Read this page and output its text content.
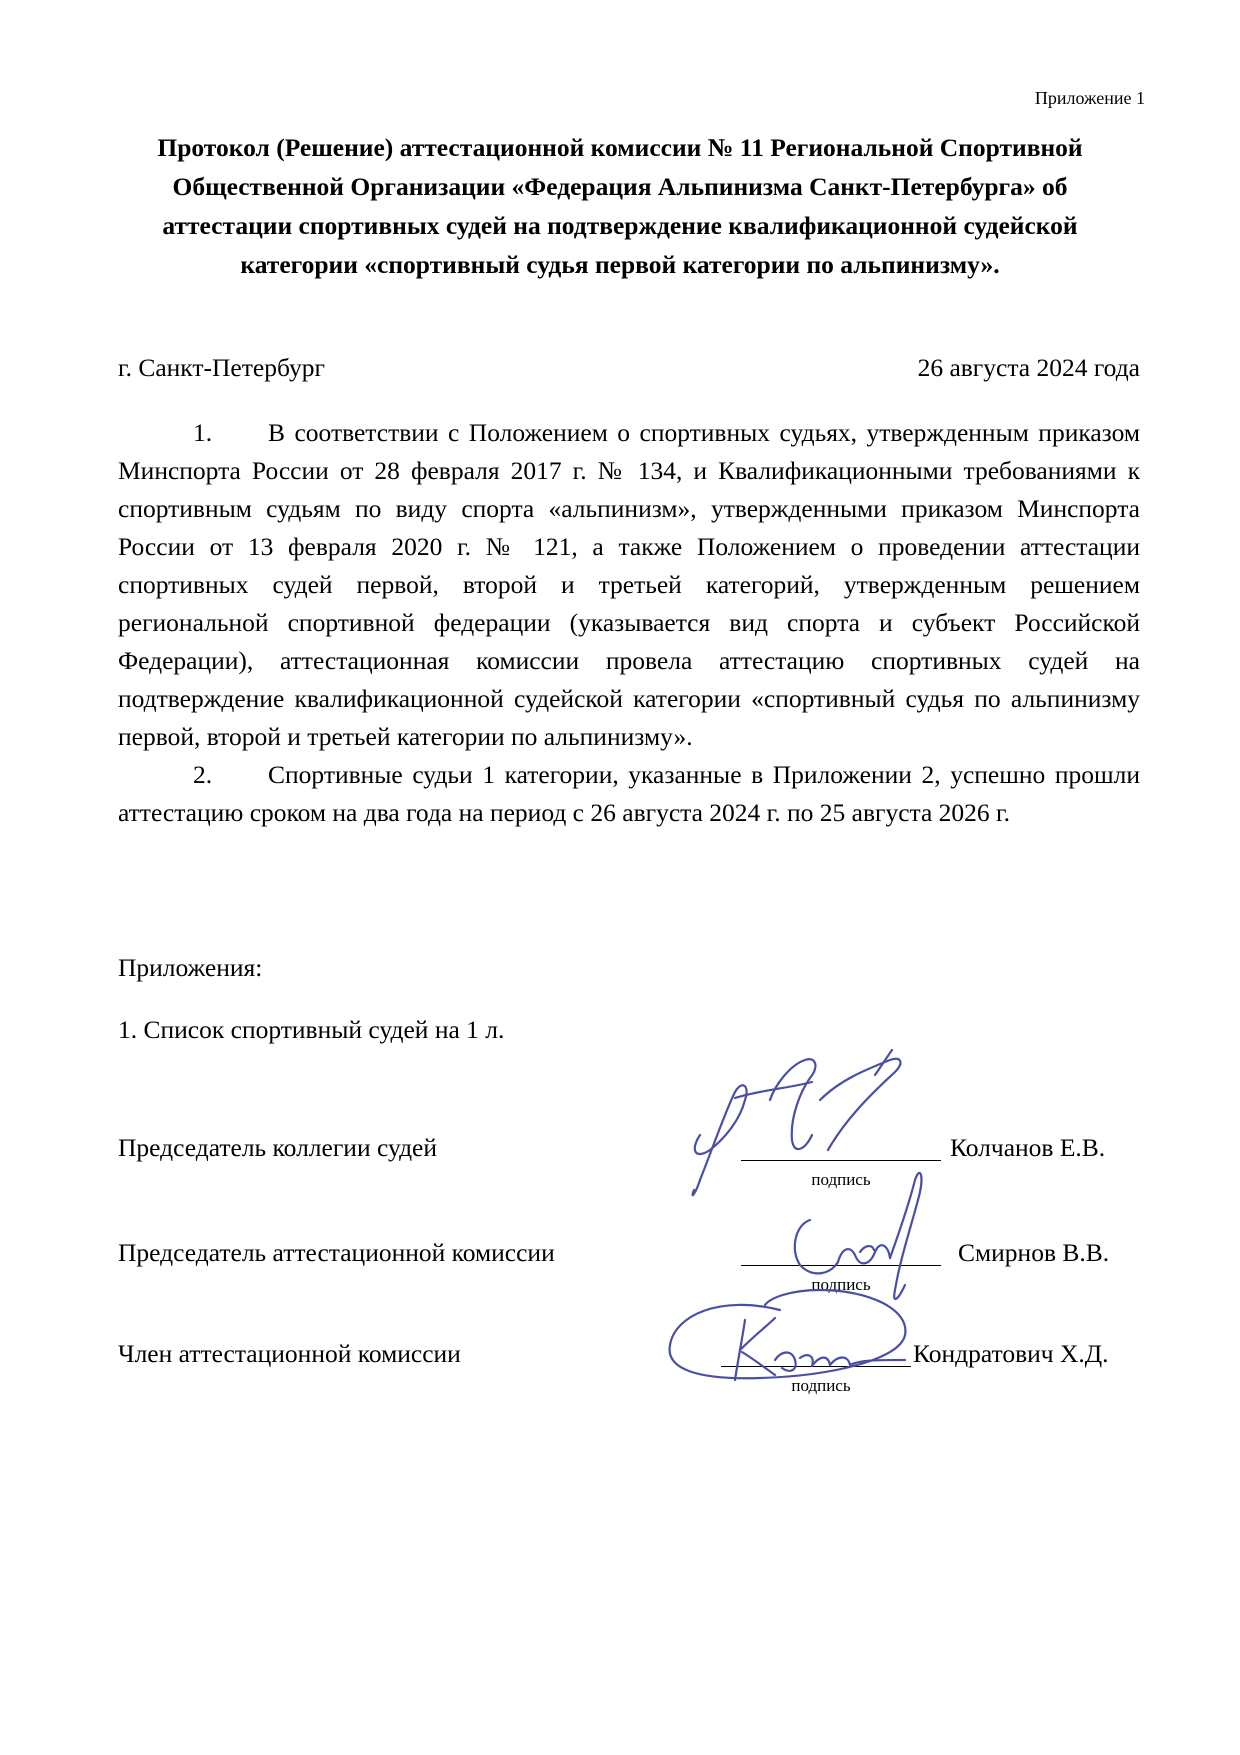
Приложение 1
Протокол (Решение) аттестационной комиссии № 11 Региональной Спортивной Общественной Организации «Федерация Альпинизма Санкт-Петербурга» об аттестации спортивных судей на подтверждение квалификационной судейской категории «спортивный судья первой категории по альпинизму».
г. Санкт-Петербург	26 августа 2024 года

1. В соответствии с Положением о спортивных судьях, утвержденным приказом Минспорта России от 28 февраля 2017 г. № 134, и Квалификационными требованиями к спортивным судьям по виду спорта «альпинизм», утвержденными приказом Минспорта России от 13 февраля 2020 г. № 121, а также Положением о проведении аттестации спортивных судей первой, второй и третьей категорий, утвержденным решением региональной спортивной федерации (указывается вид спорта и субъект Российской Федерации), аттестационная комиссии провела аттестацию спортивных судей на подтверждение квалификационной судейской категории «спортивный судья по альпинизму первой, второй и третьей категории по альпинизму».

2. Спортивные судьи 1 категории, указанные в Приложении 2, успешно прошли аттестацию сроком на два года на период с 26 августа 2024 г. по 25 августа 2026 г.

Приложения:
1. Список спортивный судей на 1 л.
Председатель коллегии судей
подпись
Колчанов Е.В.
Председатель аттестационной комиссии
подпись
Смирнов В.В.
Член аттестационной комиссии
подпись
Кондратович Х.Д.
